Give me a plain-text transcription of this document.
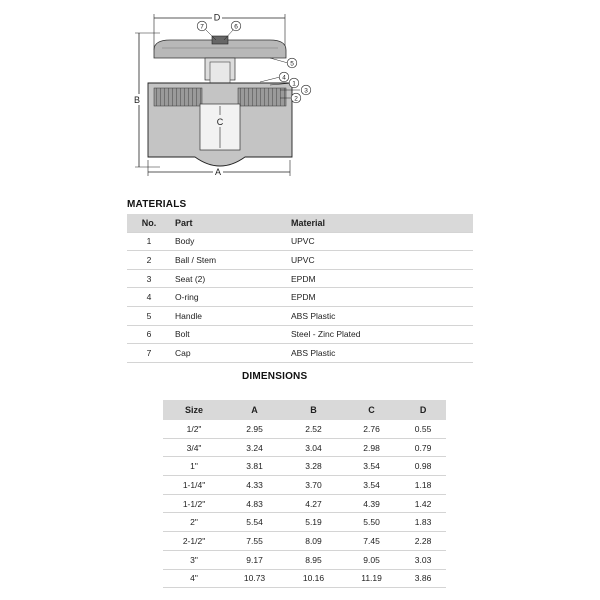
D
B
A
C
7	6
5
4
1
3
2
MATERIALS
No.	Part	Material
1	Body	UPVC
2	Ball / Stem	UPVC
3	Seat (2)	EPDM
4	O-ring	EPDM
5	Handle	ABS Plastic
6	Bolt	Steel - Zinc Plated
7	Cap	ABS Plastic
DIMENSIONS
Size	A	B	C	D
1/2"	2.95	2.52	2.76	0.55
3/4"	3.24	3.04	2.98	0.79
1"	3.81	3.28	3.54	0.98
1-1/4"	4.33	3.70	3.54	1.18
1-1/2"	4.83	4.27	4.39	1.42
2"	5.54	5.19	5.50	1.83
2-1/2"	7.55	8.09	7.45	2.28
3"	9.17	8.95	9.05	3.03
4"	10.73	10.16	11.19	3.86
